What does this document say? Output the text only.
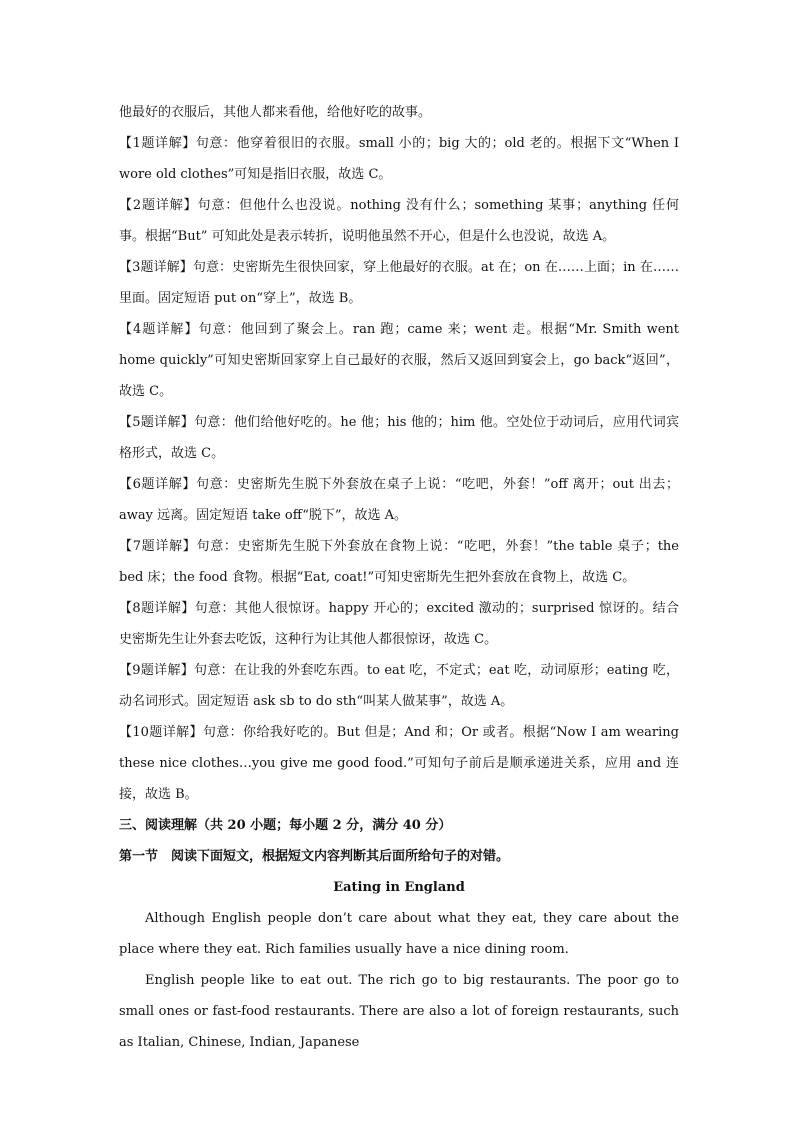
他最好的衣服后，其他人都来看他，给他好吃的故事。

【1题详解】句意：他穿着很旧的衣服。small 小的；big 大的；old 老的。根据下文“When I wore old clothes”可知是指旧衣服，故选 C。

【2题详解】句意：但他什么也没说。nothing 没有什么；something 某事；anything 任何事。根据“But” 可知此处是表示转折，说明他虽然不开心，但是什么也没说，故选 A。

【3题详解】句意：史密斯先生很快回家，穿上他最好的衣服。at 在；on 在……上面；in 在……里面。固定短语 put on“穿上”，故选 B。

【4题详解】句意：他回到了聚会上。ran 跑；came 来；went 走。根据“Mr. Smith went home quickly”可知史密斯回家穿上自己最好的衣服，然后又返回到宴会上，go back“返回”，故选 C。

【5题详解】句意：他们给他好吃的。he 他；his 他的；him 他。空处位于动词后，应用代词宾格形式，故选 C。

【6题详解】句意：史密斯先生脱下外套放在桌子上说：“吃吧，外套！”off 离开；out 出去；away 远离。固定短语 take off“脱下”，故选 A。

【7题详解】句意：史密斯先生脱下外套放在食物上说：“吃吧，外套！”the table 桌子；the bed 床；the food 食物。根据“Eat, coat!”可知史密斯先生把外套放在食物上，故选 C。

【8题详解】句意：其他人很惊讶。happy 开心的；excited 激动的；surprised 惊讶的。结合史密斯先生让外套去吃饭，这种行为让其他人都很惊讶，故选 C。

【9题详解】句意：在让我的外套吃东西。to eat 吃，不定式；eat 吃，动词原形；eating 吃，动名词形式。固定短语 ask sb to do sth“叫某人做某事”，故选 A。

【10题详解】句意：你给我好吃的。But 但是；And 和；Or 或者。根据“Now I am wearing these nice clothes…you give me good food.”可知句子前后是顺承递进关系，应用 and 连接，故选 B。

三、阅读理解（共 20 小题；每小题 2 分，满分 40 分）

第一节　阅读下面短文，根据短文内容判断其后面所给句子的对错。

Eating in England

Although English people don’t care about what they eat, they care about the place where they eat. Rich families usually have a nice dining room.

English people like to eat out. The rich go to big restaurants. The poor go to small ones or fast-food restaurants. There are also a lot of foreign restaurants, such as Italian, Chinese, Indian, Japanese
